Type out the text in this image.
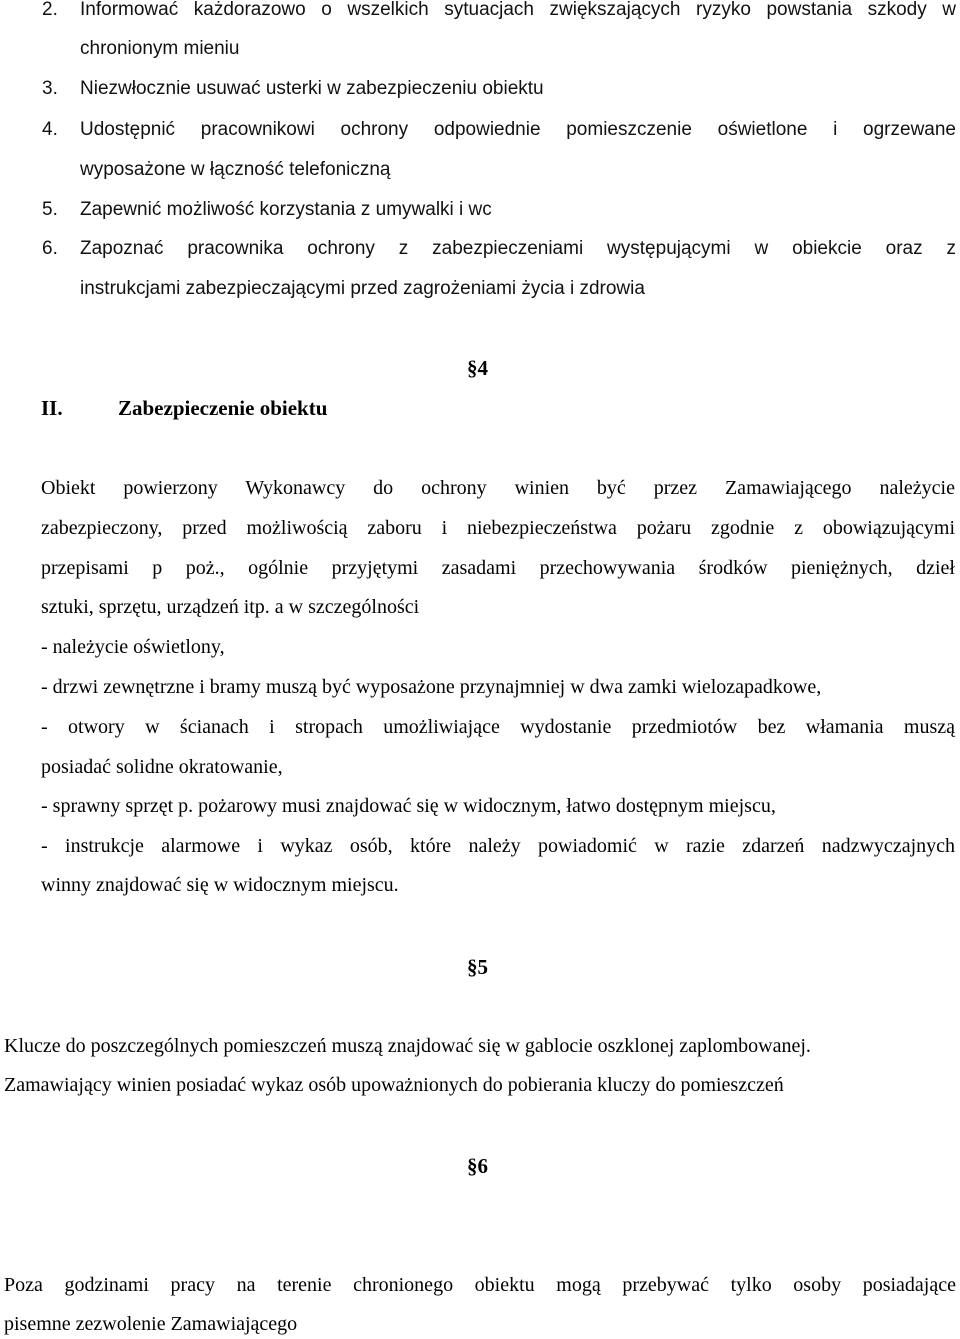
2. Informować każdorazowo o wszelkich sytuacjach zwiększających ryzyko powstania szkody w
chronionym mieniu
3. Niezwłocznie usuwać usterki w zabezpieczeniu obiektu
4. Udostępnić pracownikowi ochrony odpowiednie pomieszczenie oświetlone i ogrzewane
wyposażone w łączność telefoniczną
5. Zapewnić możliwość korzystania z umywalki i wc
6. Zapoznać pracownika ochrony z zabezpieczeniami występującymi w obiekcie oraz z
instrukcjami zabezpieczającymi przed zagrożeniami życia i zdrowia
§4
II.	Zabezpieczenie obiektu
Obiekt powierzony Wykonawcy do ochrony winien być przez Zamawiającego należycie
zabezpieczony, przed możliwością zaboru i niebezpieczeństwa pożaru zgodnie z obowiązującymi
przepisami p poż., ogólnie przyjętymi zasadami przechowywania środków pieniężnych, dzieł
sztuki, sprzętu, urządzeń itp. a w szczególności
- należycie oświetlony,
- drzwi zewnętrzne i bramy muszą być wyposażone przynajmniej w dwa zamki wielozapadkowe,
- otwory w ścianach i stropach umożliwiające wydostanie przedmiotów bez włamania muszą
posiadać solidne okratowanie,
- sprawny sprzęt p. pożarowy musi znajdować się w widocznym, łatwo dostępnym miejscu,
- instrukcje alarmowe i wykaz osób, które należy powiadomić w razie zdarzeń nadzwyczajnych
winny znajdować się w widocznym miejscu.
§5
Klucze do poszczególnych pomieszczeń muszą znajdować się w gablocie oszklonej zaplombowanej.
Zamawiający winien posiadać wykaz osób upoważnionych do pobierania kluczy do pomieszczeń
§6
Poza godzinami pracy na terenie chronionego obiektu mogą przebywać tylko osoby posiadające
pisemne zezwolenie Zamawiającego
